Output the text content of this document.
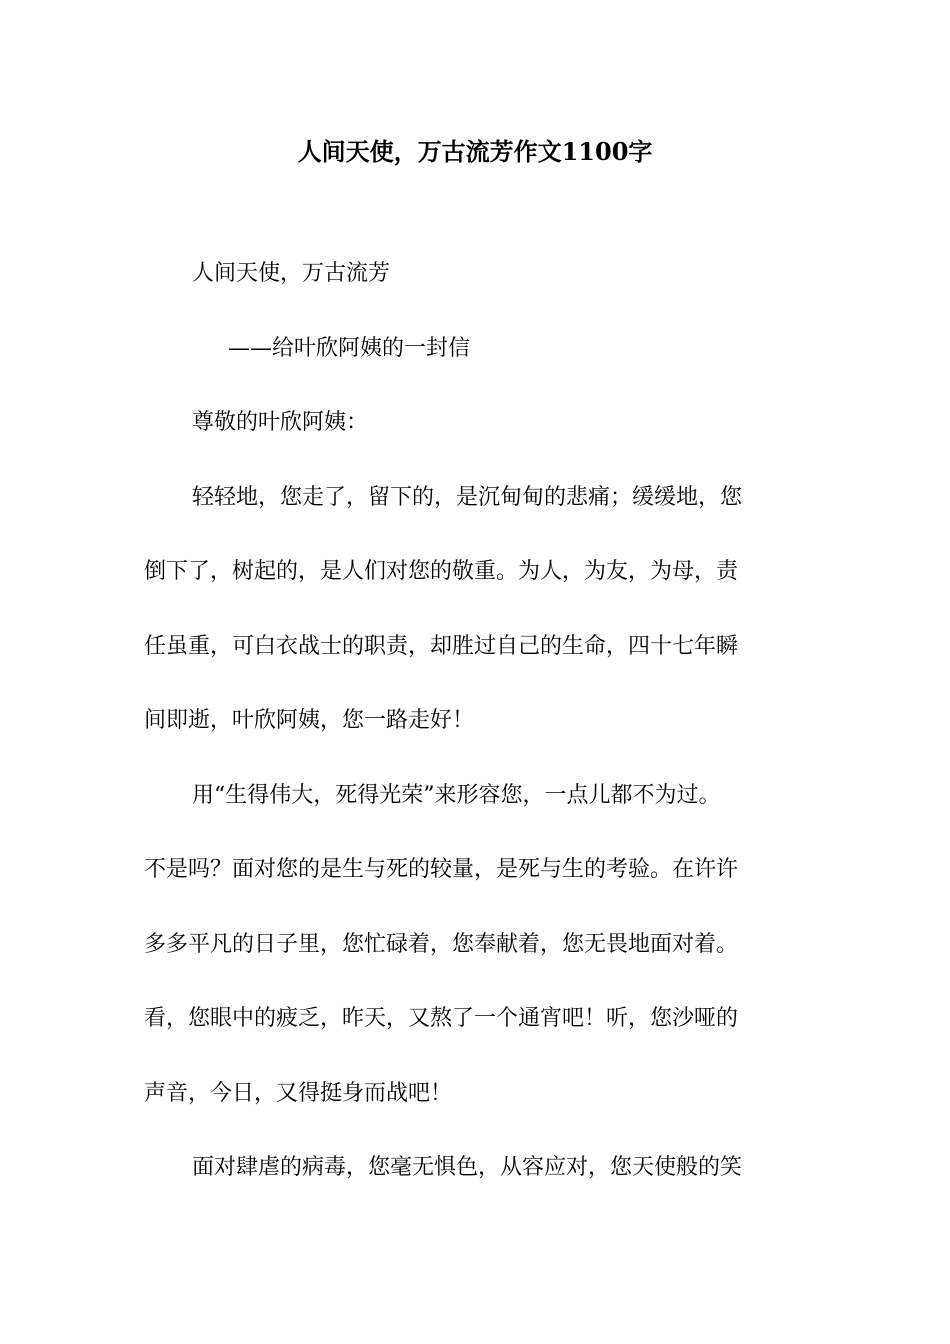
人间天使，万古流芳作文1100字
人间天使，万古流芳
——给叶欣阿姨的一封信
尊敬的叶欣阿姨：
轻轻地，您走了，留下的，是沉甸甸的悲痛；缓缓地，您
倒下了，树起的，是人们对您的敬重。为人，为友，为母，责
任虽重，可白衣战士的职责，却胜过自己的生命，四十七年瞬
间即逝，叶欣阿姨，您一路走好！
用“生得伟大，死得光荣”来形容您，一点儿都不为过。
不是吗？面对您的是生与死的较量，是死与生的考验。在许许
多多平凡的日子里，您忙碌着，您奉献着，您无畏地面对着。
看，您眼中的疲乏，昨天，又熬了一个通宵吧！听，您沙哑的
声音，今日，又得挺身而战吧！
面对肆虐的病毒，您毫无惧色，从容应对，您天使般的笑
